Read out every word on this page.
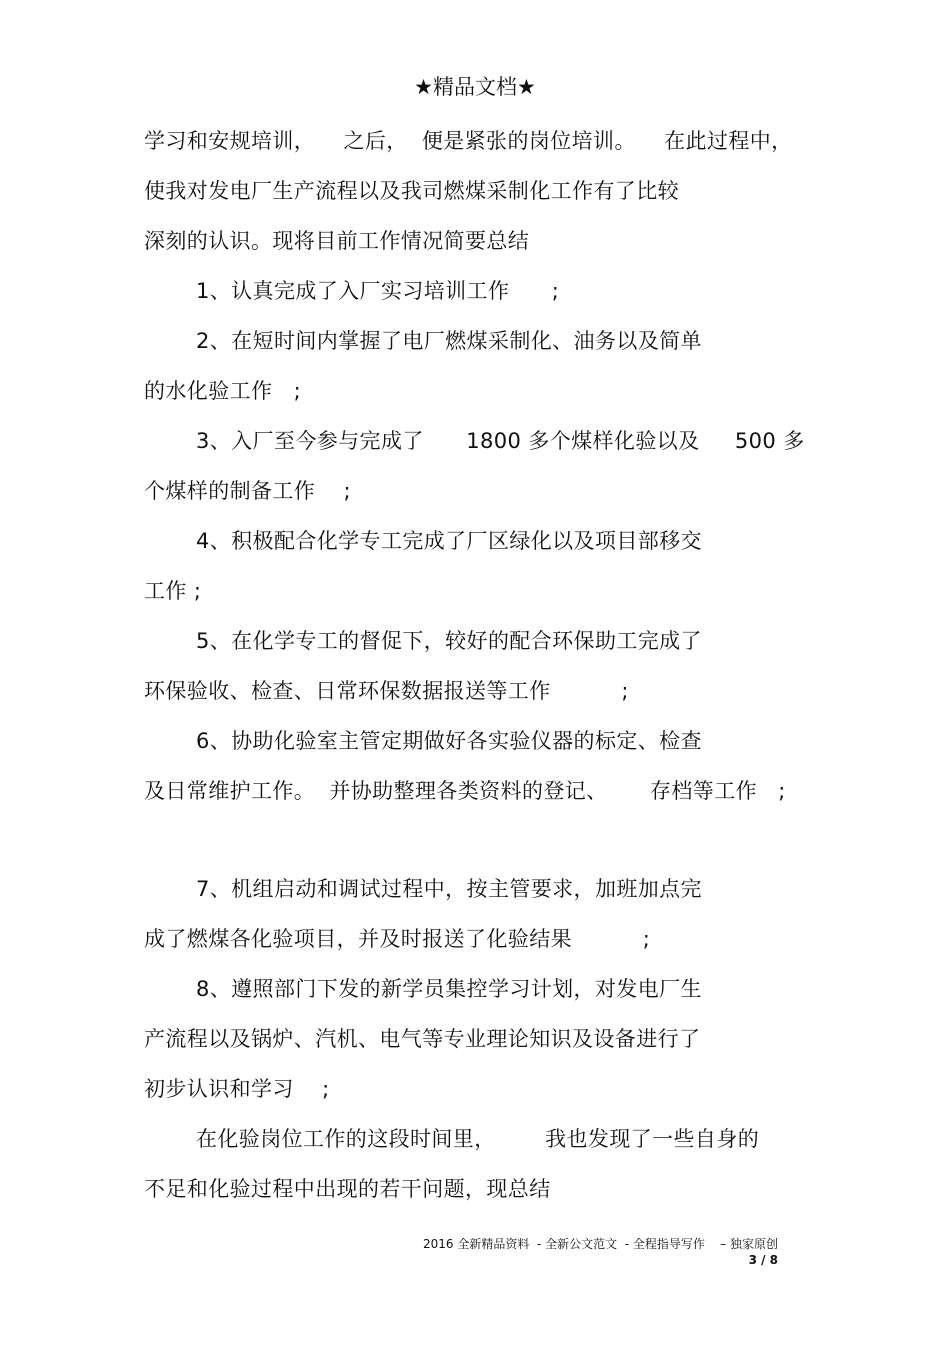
★精品文档★
学习和安规培训，    之后，  便是紧张的岗位培训。    在此过程中，
使我对发电厂生产流程以及我司燃煤采制化工作有了比较
深刻的认识。现将目前工作情况简要总结
1、认真完成了入厂实习培训工作      ;
2、在短时间内掌握了电厂燃煤采制化、油务以及简单
的水化验工作   ;
3、入厂至今参与完成了      1800 多个煤样化验以及     500 多
个煤样的制备工作    ;
4、积极配合化学专工完成了厂区绿化以及项目部移交
工作 ;
5、在化学专工的督促下，较好的配合环保助工完成了
环保验收、检查、日常环保数据报送等工作          ;
6、协助化验室主管定期做好各实验仪器的标定、检查
及日常维护工作。  并协助整理各类资料的登记、      存档等工作   ;
7、机组启动和调试过程中，按主管要求，加班加点完
成了燃煤各化验项目，并及时报送了化验结果          ;
8、遵照部门下发的新学员集控学习计划，对发电厂生
产流程以及锅炉、汽机、电气等专业理论知识及设备进行了
初步认识和学习    ;
在化验岗位工作的这段时间里，       我也发现了一些自身的
不足和化验过程中出现的若干问题，现总结
2016 全新精品资料  - 全新公文范文  - 全程指导写作    – 独家原创
3 / 8
